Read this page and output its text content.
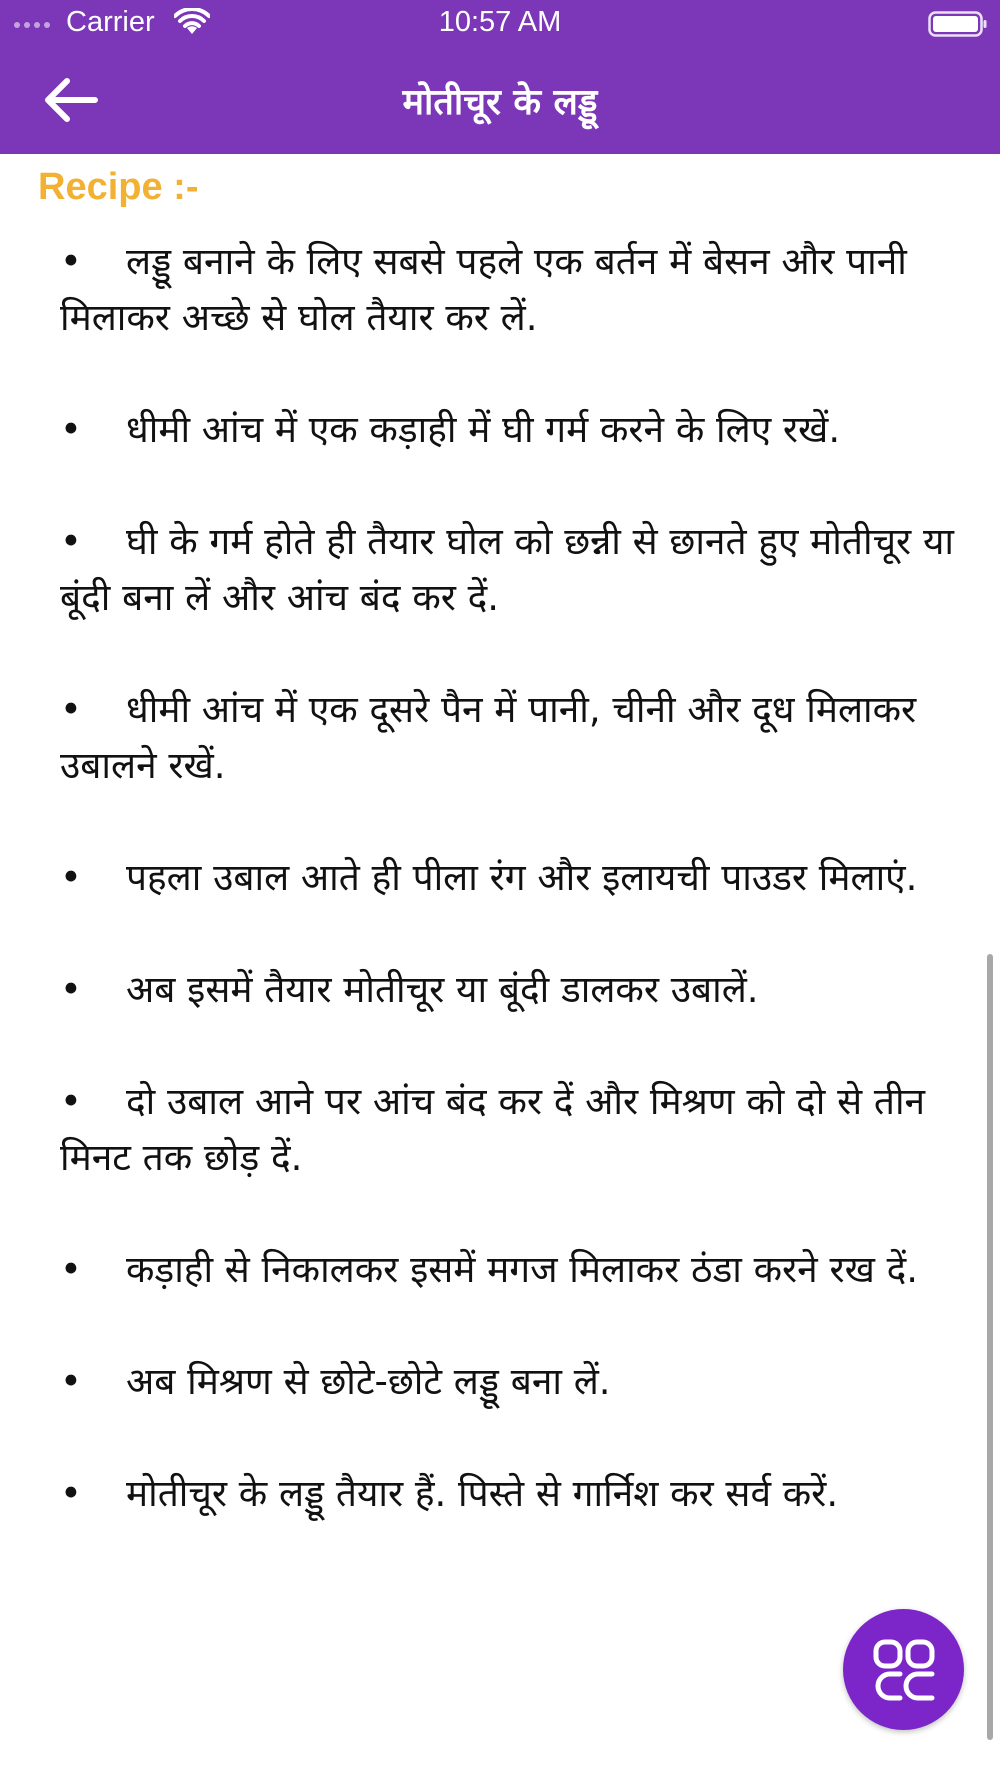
Carrier	10:57 AM
मोतीचूर के लड्डू
Recipe :-
• लड्डू बनाने के लिए सबसे पहले एक बर्तन में बेसन और पानी मिलाकर अच्छे से घोल तैयार कर लें.
• धीमी आंच में एक कड़ाही में घी गर्म करने के लिए रखें.
• घी के गर्म होते ही तैयार घोल को छन्नी से छानते हुए मोतीचूर या बूंदी बना लें और आंच बंद कर दें.
• धीमी आंच में एक दूसरे पैन में पानी, चीनी और दूध मिलाकर उबालने रखें.
• पहला उबाल आते ही पीला रंग और इलायची पाउडर मिलाएं.
• अब इसमें तैयार मोतीचूर या बूंदी डालकर उबालें.
• दो उबाल आने पर आंच बंद कर दें और मिश्रण को दो से तीन मिनट तक छोड़ दें.
• कड़ाही से निकालकर इसमें मगज मिलाकर ठंडा करने रख दें.
• अब मिश्रण से छोटे-छोटे लड्डू बना लें.
• मोतीचूर के लड्डू तैयार हैं. पिस्ते से गार्निश कर सर्व करें.
